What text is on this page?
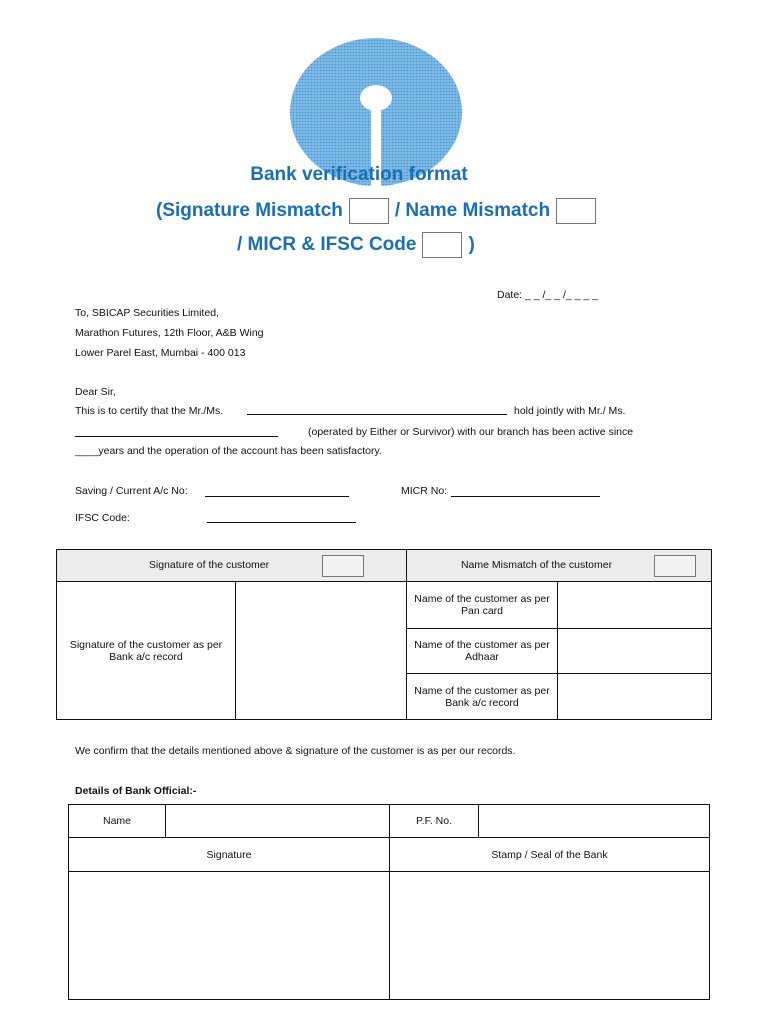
Bank verification format
(Signature Mismatch	/ Name Mismatch
/ MICR & IFSC Code	)
Date: _ _ /_ _ /_ _ _ _
To, SBICAP Securities Limited,
Marathon Futures, 12th Floor, A&B Wing
Lower Parel East, Mumbai - 400 013
Dear Sir,
This is to certify that the Mr./Ms.	hold jointly with Mr./ Ms.
(operated by Either or Survivor) with our branch has been active since
____years and the operation of the account has been satisfactory.
Saving / Current A/c No:	MICR No:
IFSC Code:
Signature of the customer		Name Mismatch of the customer	
Signature of the customer as per Bank a/c record		Name of the customer as per Pan card	
		Name of the customer as per Adhaar	
		Name of the customer as per Bank a/c record	
We confirm that the details mentioned above & signature of the customer is as per our records.
Details of Bank Official:-
Name		P.F. No.	
Signature		Stamp / Seal of the Bank	
